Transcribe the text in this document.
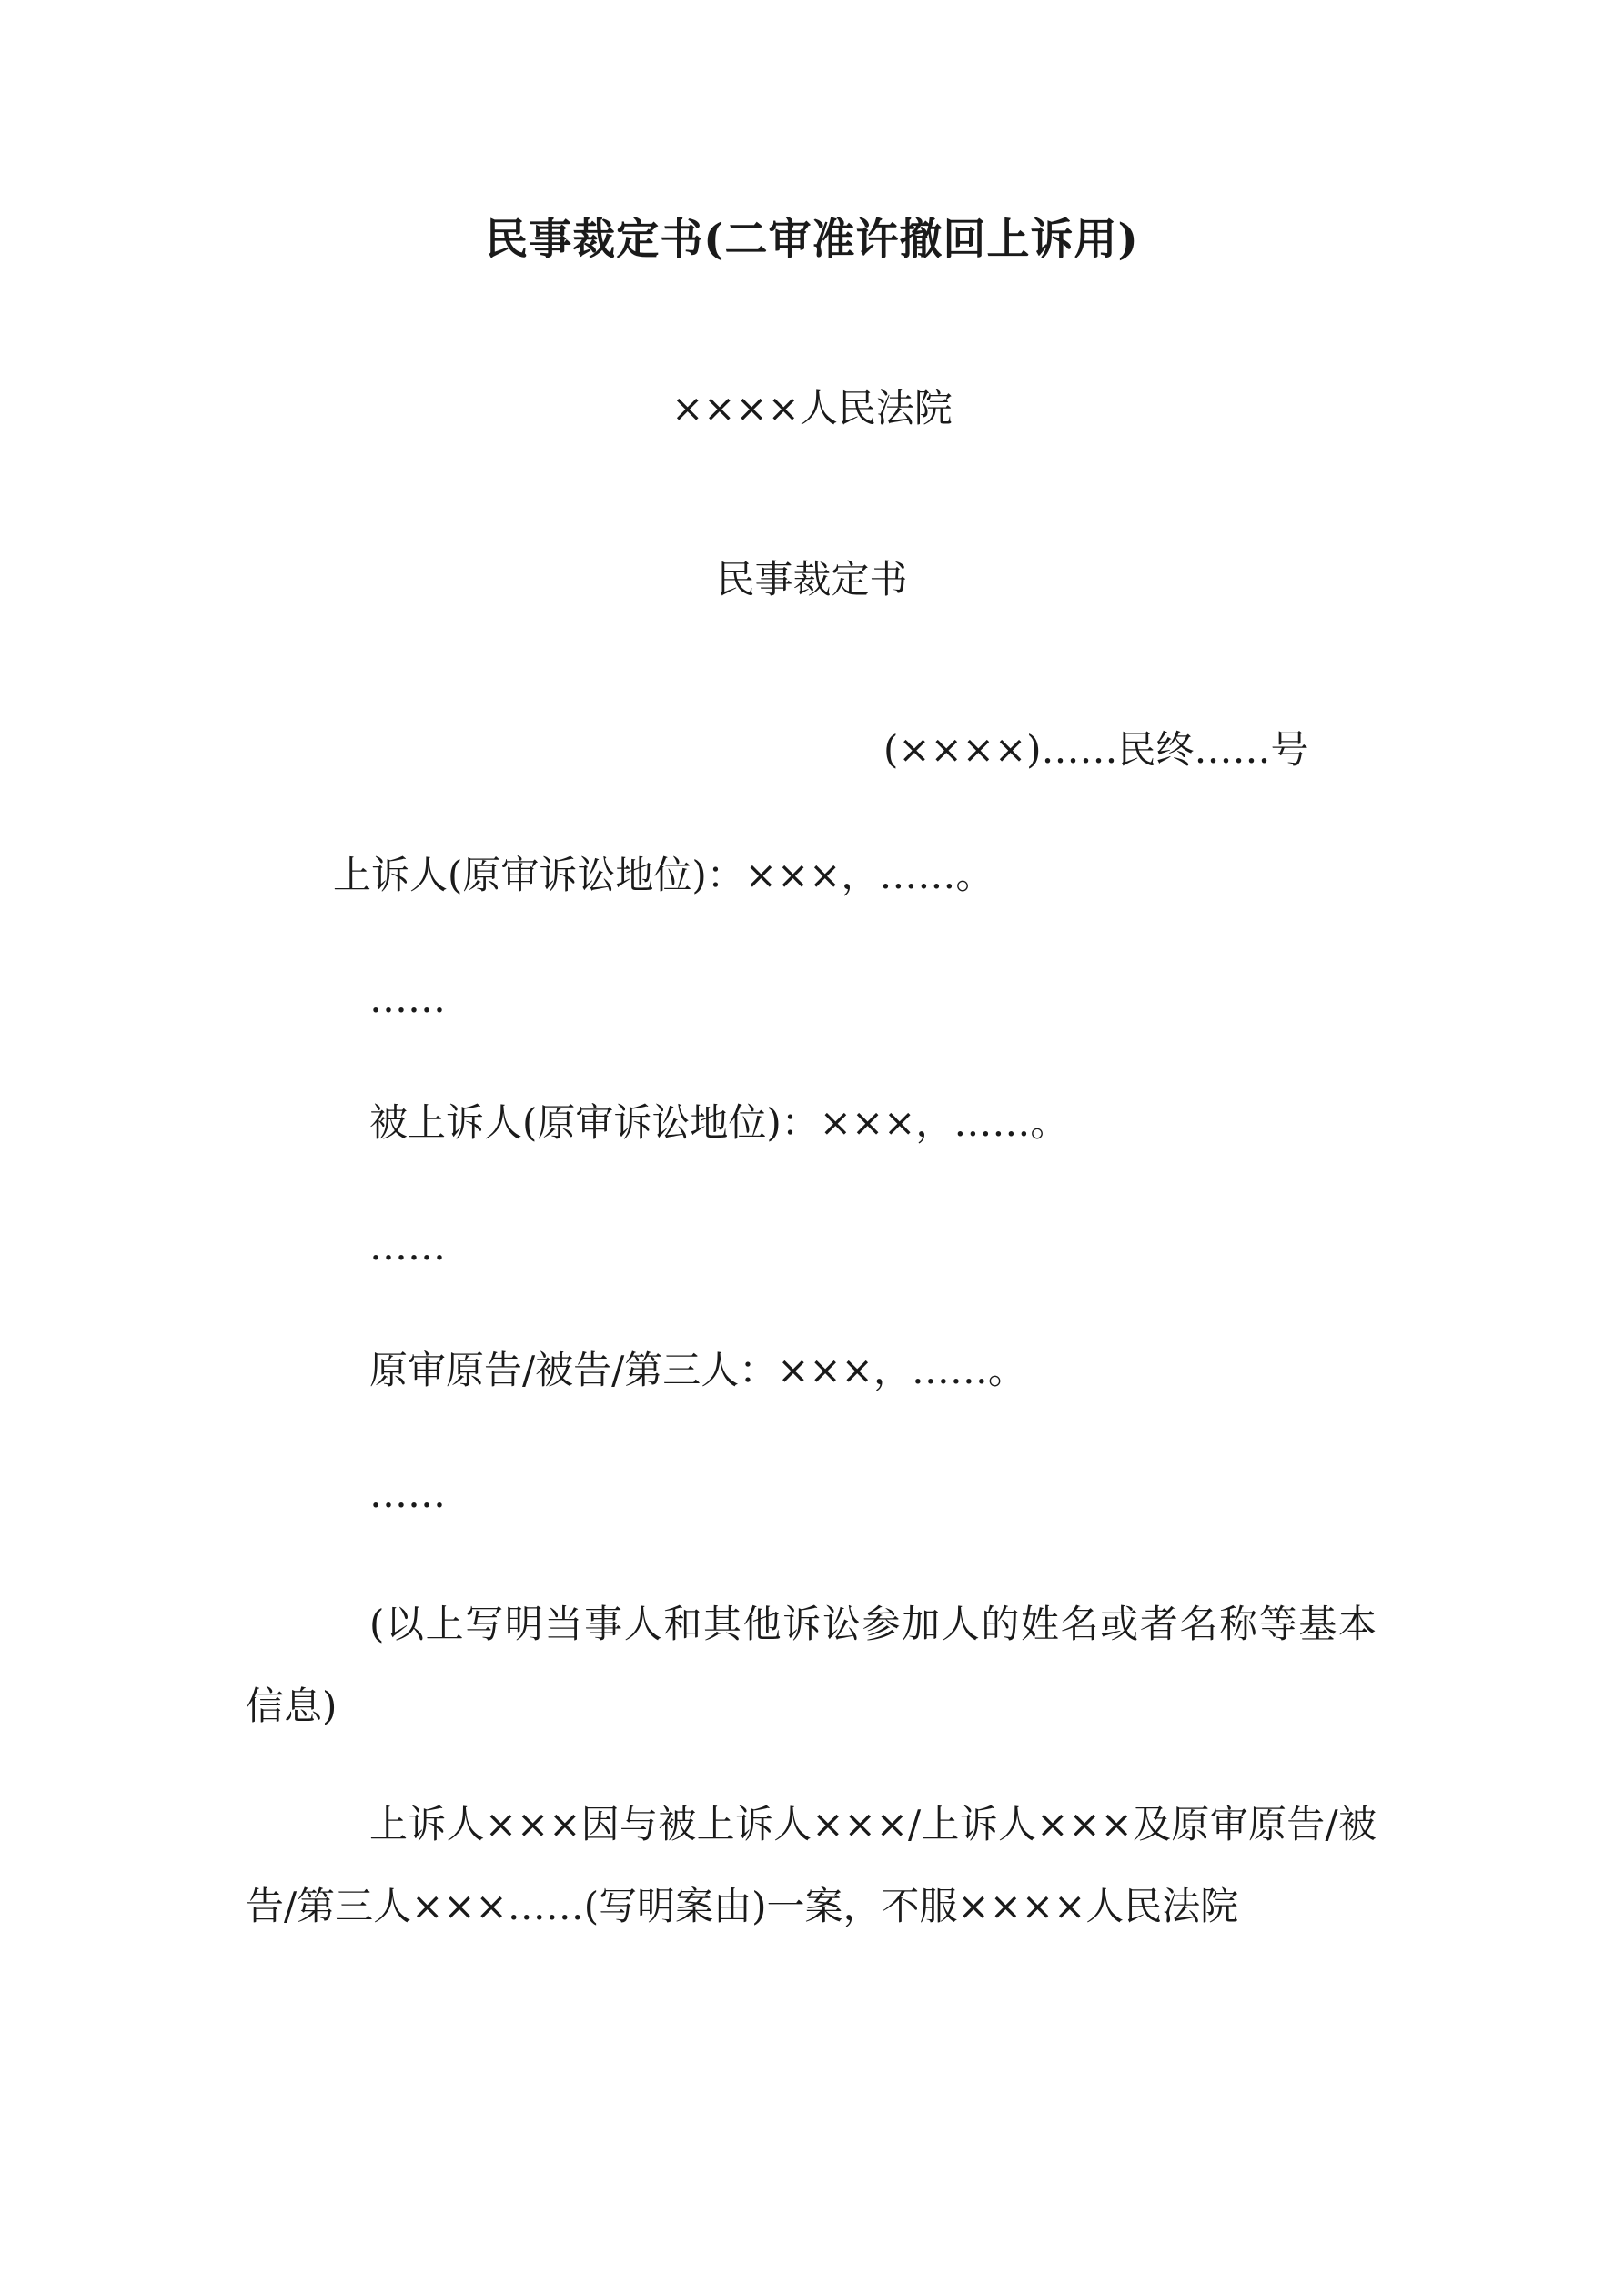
民事裁定书(二审准许撤回上诉用)
××××人民法院
民事裁定书
(××××)……民终……号
上诉人(原审诉讼地位)：×××，……。
……
被上诉人(原审诉讼地位)：×××，……。
……
原审原告/被告/第三人：×××，……。
……
(以上写明当事人和其他诉讼参加人的姓名或者名称等基本信息)
上诉人×××因与被上诉人×××/上诉人×××及原审原告/被告/第三人×××……(写明案由)一案，不服××××人民法院
